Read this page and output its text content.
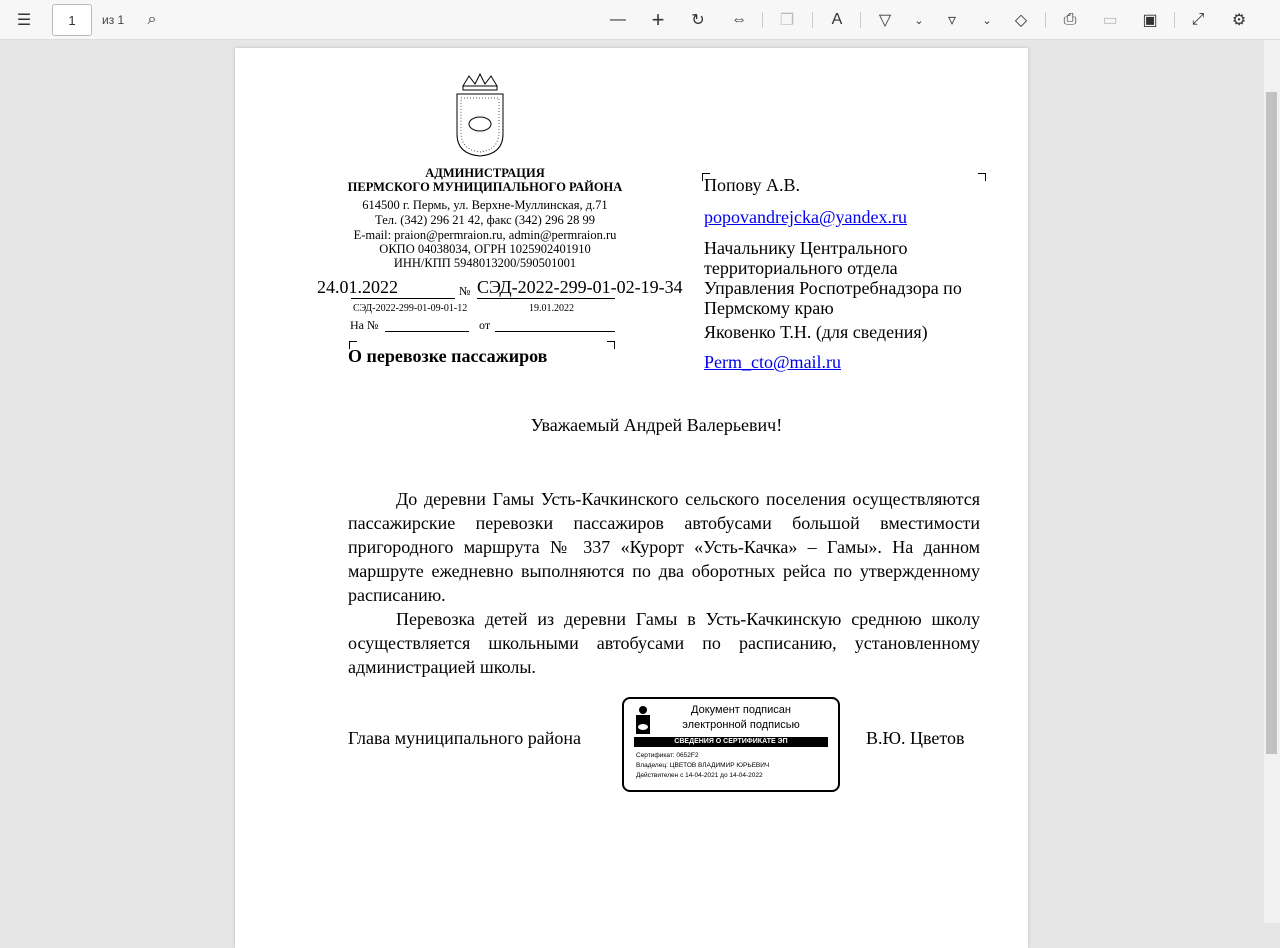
☰
1	из 1	⌕	— +	↻	⇔	❐	A	▽	⌄	▿	⌄	◇	⎙	▭ ▣	⤢	⚙
АДМИНИСТРАЦИЯ
ПЕРМСКОГО МУНИЦИПАЛЬНОГО РАЙОНА
614500 г. Пермь, ул. Верхне-Муллинская, д.71
Тел. (342) 296 21 42, факс (342) 296 28 99
E-mail: praion@permraion.ru, admin@permraion.ru
ОКПО 04038034, ОГРН 1025902401910
ИНН/КПП 5948013200/590501001
24.01.2022	№ СЭД-2022-299-01-02-19-34
СЭД-2022-299-01-09-01-12	19.01.2022
На №	от
О перевозке пассажиров
Попову А.В.
popovandrejcka@yandex.ru
Начальнику Центрального территориального отдела Управления Роспотребнадзора по Пермскому краю
Яковенко Т.Н. (для сведения)
Perm_cto@mail.ru
Уважаемый Андрей Валерьевич!

До деревни Гамы Усть-Качкинского сельского поселения осуществляются пассажирские перевозки пассажиров автобусами большой вместимости пригородного маршрута № 337 «Курорт «Усть-Качка» – Гамы». На данном маршруте ежедневно выполняются по два оборотных рейса по утвержденному расписанию.

Перевозка детей из деревни Гамы в Усть-Качкинскую среднюю школу осуществляется школьными автобусами по расписанию, установленному администрацией школы.

Глава муниципального района
Документ подписан
электронной подписью
СВЕДЕНИЯ О СЕРТИФИКАТЕ ЭП
Сертификат: 0652F2
Владелец: ЦВЕТОВ ВЛАДИМИР ЮРЬЕВИЧ
Действителен с 14-04-2021 до 14-04-2022
В.Ю. Цветов
